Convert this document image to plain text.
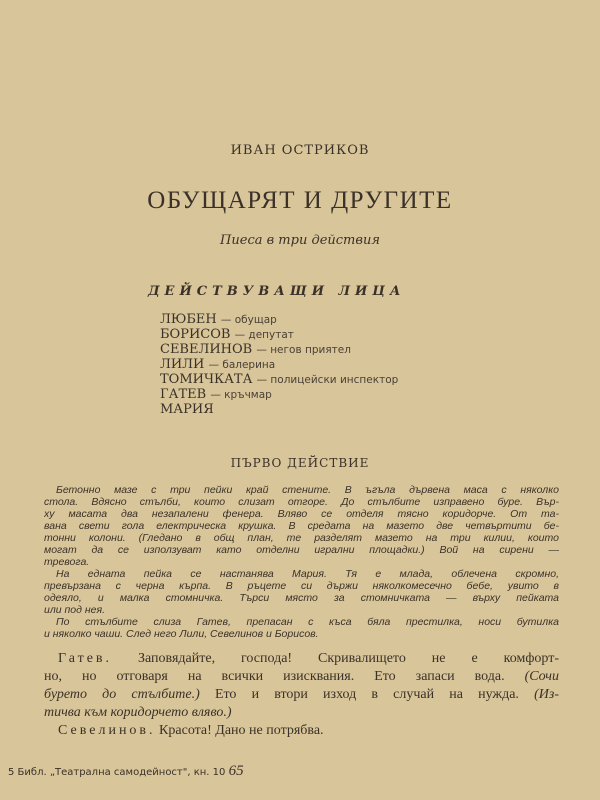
ИВАН ОСТРИКОВ
ОБУЩАРЯТ И ДРУГИТЕ
Пиеса в три действия
ДЕЙСТВУВАЩИ ЛИЦА
ЛЮБЕН — обущар
БОРИСОВ — депутат
СЕВЕЛИНОВ — негов приятел
ЛИЛИ — балерина
ТОМИЧКАТА — полицейски инспектор
ГАТЕВ — кръчмар
МАРИЯ
ПЪРВО ДЕЙСТВИЕ
Бетонно мазе с три пейки край стените. В ъгъла дървена маса с няколко
стола. Вдясно стълби, които слизат отгоре. До стълбите изправено буре. Вър-
ху масата два незапалени фенера. Вляво се отделя тясно коридорче. От та-
вана свети гола електрическа крушка. В средата на мазето две четвъртити бе-
тонни колони. (Гледано в общ план, те разделят мазето на три килии, които
могат да се използуват като отделни игрални площадки.) Вой на сирени —
тревога.
На едната пейка се настанява Мария. Тя е млада, облечена скромно,
превързана с черна кърпа. В ръцете си държи няколкомесечно бебе, увито в
одеяло, и малка стомничка. Търси място за стомничката — върху пейката
или под нея.
По стълбите слиза Гатев, препасан с къса бяла престилка, носи бутилка
и няколко чаши. След него Лили, Севелинов и Борисов.
Гатев. Заповядайте, господа! Скривалището не е комфорт-
но, но отговаря на всички изисквания. Ето запаси вода. (Сочи
бурето до стълбите.) Ето и втори изход в случай на нужда. (Из-
тичва към коридорчето вляво.)
Севелинов. Красота! Дано не потрябва.
5 Библ. „Театрална самодейност", кн. 10 65
